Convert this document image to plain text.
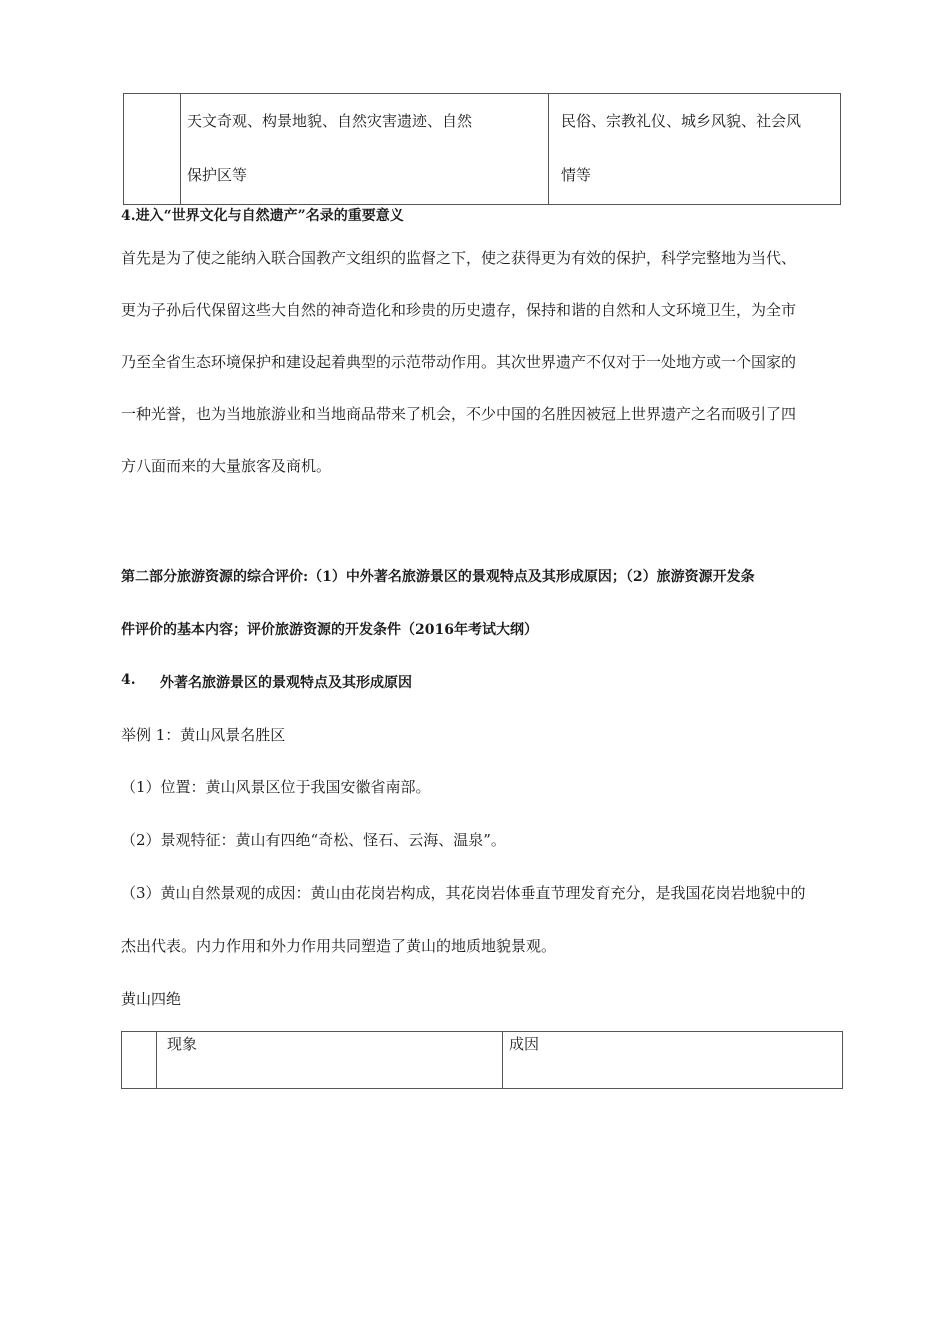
天文奇观、构景地貌、自然灾害遗迹、自然
保护区等

民俗、宗教礼仪、城乡风貌、社会风
情等
4.进入“世界文化与自然遗产”名录的重要意义
首先是为了使之能纳入联合国教产文组织的监督之下，使之获得更为有效的保护，科学完整地为当代、
更为子孙后代保留这些大自然的神奇造化和珍贵的历史遗存，保持和谐的自然和人文环境卫生，为全市
乃至全省生态环境保护和建设起着典型的示范带动作用。其次世界遗产不仅对于一处地方或一个国家的
一种光誉，也为当地旅游业和当地商品带来了机会，不少中国的名胜因被冠上世界遗产之名而吸引了四
方八面而来的大量旅客及商机。
第二部分旅游资源的综合评价:（1）中外著名旅游景区的景观特点及其形成原因；（2）旅游资源开发条
件评价的基本内容；评价旅游资源的开发条件（2016年考试大纲）
4. 外著名旅游景区的景观特点及其形成原因
举例 1：黄山风景名胜区
（1）位置：黄山风景区位于我国安徽省南部。
（2）景观特征：黄山有四绝“奇松、怪石、云海、温泉”。
（3）黄山自然景观的成因：黄山由花岗岩构成，其花岗岩体垂直节理发育充分，是我国花岗岩地貌中的
杰出代表。内力作用和外力作用共同塑造了黄山的地质地貌景观。
黄山四绝
	现象	成因
